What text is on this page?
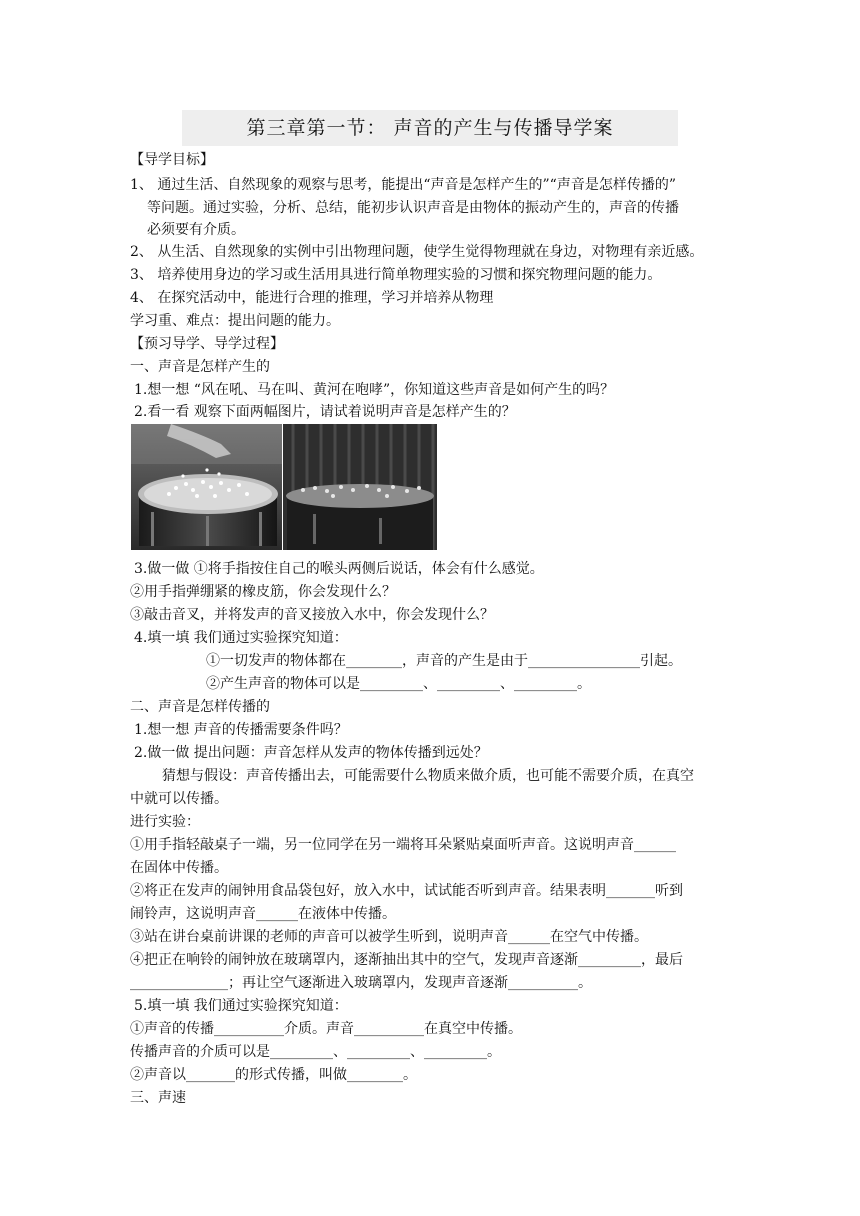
第三章第一节： 声音的产生与传播导学案
【导学目标】
1、 通过生活、自然现象的观察与思考，能提出“声音是怎样产生的”“声音是怎样传播的”
等问题。通过实验，分析、总结，能初步认识声音是由物体的振动产生的，声音的传播
必须要有介质。
2、 从生活、自然现象的实例中引出物理问题，使学生觉得物理就在身边，对物理有亲近感。
3、 培养使用身边的学习或生活用具进行简单物理实验的习惯和探究物理问题的能力。
4、 在探究活动中，能进行合理的推理，学习并培养从物理
学习重、难点：提出问题的能力。
【预习导学、导学过程】
一、声音是怎样产生的
1.想一想 “风在吼、马在叫、黄河在咆哮”，你知道这些声音是如何产生的吗？
2.看一看 观察下面两幅图片，请试着说明声音是怎样产生的？
3.做一做 ①将手指按住自己的喉头两侧后说话，体会有什么感觉。
②用手指弹绷紧的橡皮筋，你会发现什么？
③敲击音叉，并将发声的音叉接放入水中，你会发现什么？
4.填一填 我们通过实验探究知道：
①一切发声的物体都在________，声音的产生是由于________________引起。
②产生声音的物体可以是_________、_________、_________。
二、声音是怎样传播的
1.想一想 声音的传播需要条件吗？
2.做一做 提出问题：声音怎样从发声的物体传播到远处？
猜想与假设：声音传播出去，可能需要什么物质来做介质，也可能不需要介质，在真空
中就可以传播。
进行实验：
①用手指轻敲桌子一端，另一位同学在另一端将耳朵紧贴桌面听声音。这说明声音______
在固体中传播。
②将正在发声的闹钟用食品袋包好，放入水中，试试能否听到声音。结果表明_______听到
闹铃声，这说明声音______在液体中传播。
③站在讲台桌前讲课的老师的声音可以被学生听到，说明声音______在空气中传播。
④把正在响铃的闹钟放在玻璃罩内，逐渐抽出其中的空气，发现声音逐渐_________，最后
______________；再让空气逐渐进入玻璃罩内，发现声音逐渐__________。
5.填一填 我们通过实验探究知道：
①声音的传播__________介质。声音__________在真空中传播。
传播声音的介质可以是_________、_________、_________。
②声音以_______的形式传播，叫做________。
三、声速
